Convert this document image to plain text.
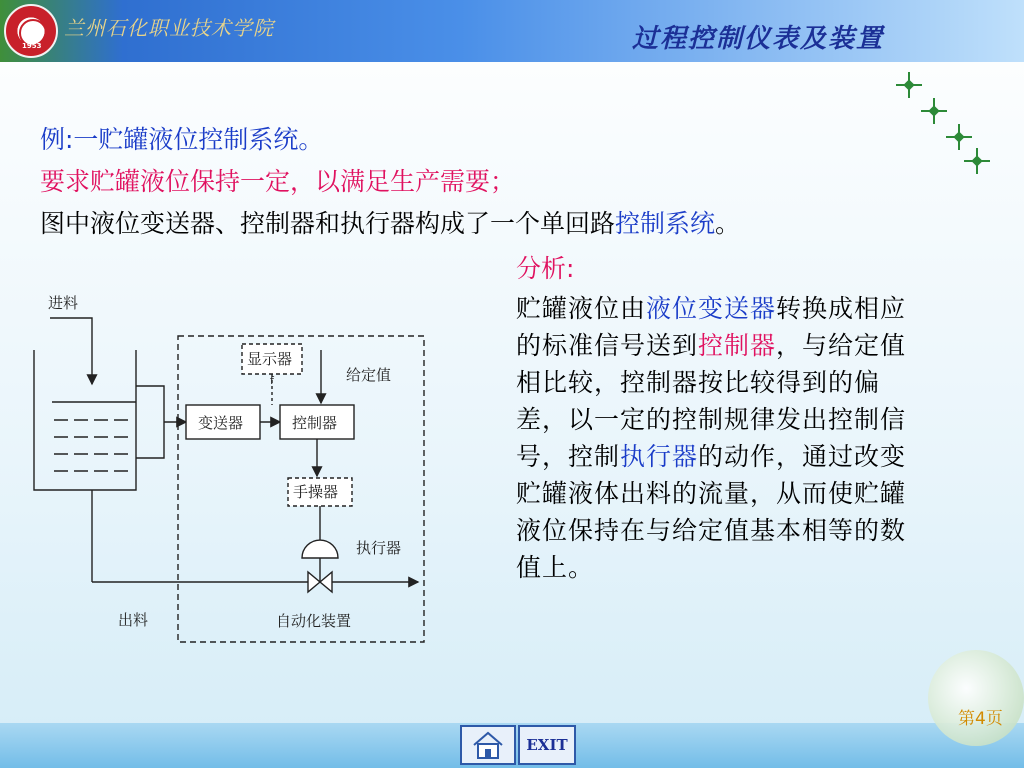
1953
兰州石化职业技术学院	过程控制仪表及装置
例:一贮罐液位控制系统。
要求贮罐液位保持一定，以满足生产需要；
图中液位变送器、控制器和执行器构成了一个单回路控制系统。
分析:
贮罐液位由液位变送器转换成相应的标准信号送到控制器，与给定值相比较，控制器按比较得到的偏差，以一定的控制规律发出控制信号，控制执行器的动作，通过改变贮罐液体出料的流量，从而使贮罐液位保持在与给定值基本相等的数值上。
进料
显示器
给定值
变送器	控制器
手操器
执行器
出料	自动化装置
f
EXIT
第4页
